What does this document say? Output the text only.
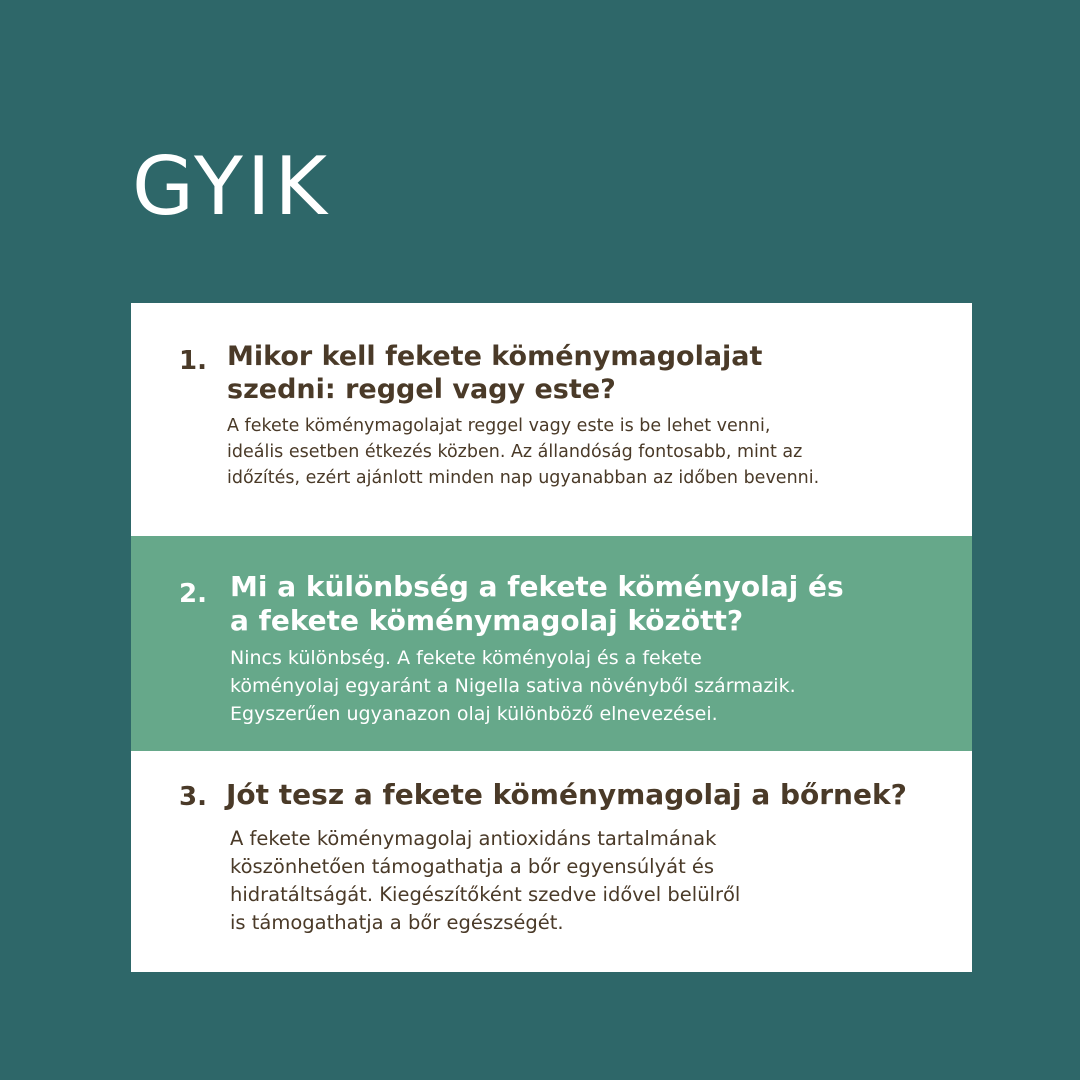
GYIK
1. Mikor kell fekete köménymagolajat
szedni: reggel vagy este?
A fekete köménymagolajat reggel vagy este is be lehet venni,
ideális esetben étkezés közben. Az állandóság fontosabb, mint az
időzítés, ezért ajánlott minden nap ugyanabban az időben bevenni.
2. Mi a különbség a fekete köményolaj és
a fekete köménymagolaj között?
Nincs különbség. A fekete köményolaj és a fekete
köményolaj egyaránt a Nigella sativa növényből származik.
Egyszerűen ugyanazon olaj különböző elnevezései.
3. Jót tesz a fekete köménymagolaj a bőrnek?
A fekete köménymagolaj antioxidáns tartalmának
köszönhetően támogathatja a bőr egyensúlyát és
hidratáltságát. Kiegészítőként szedve idővel belülről
is támogathatja a bőr egészségét.
